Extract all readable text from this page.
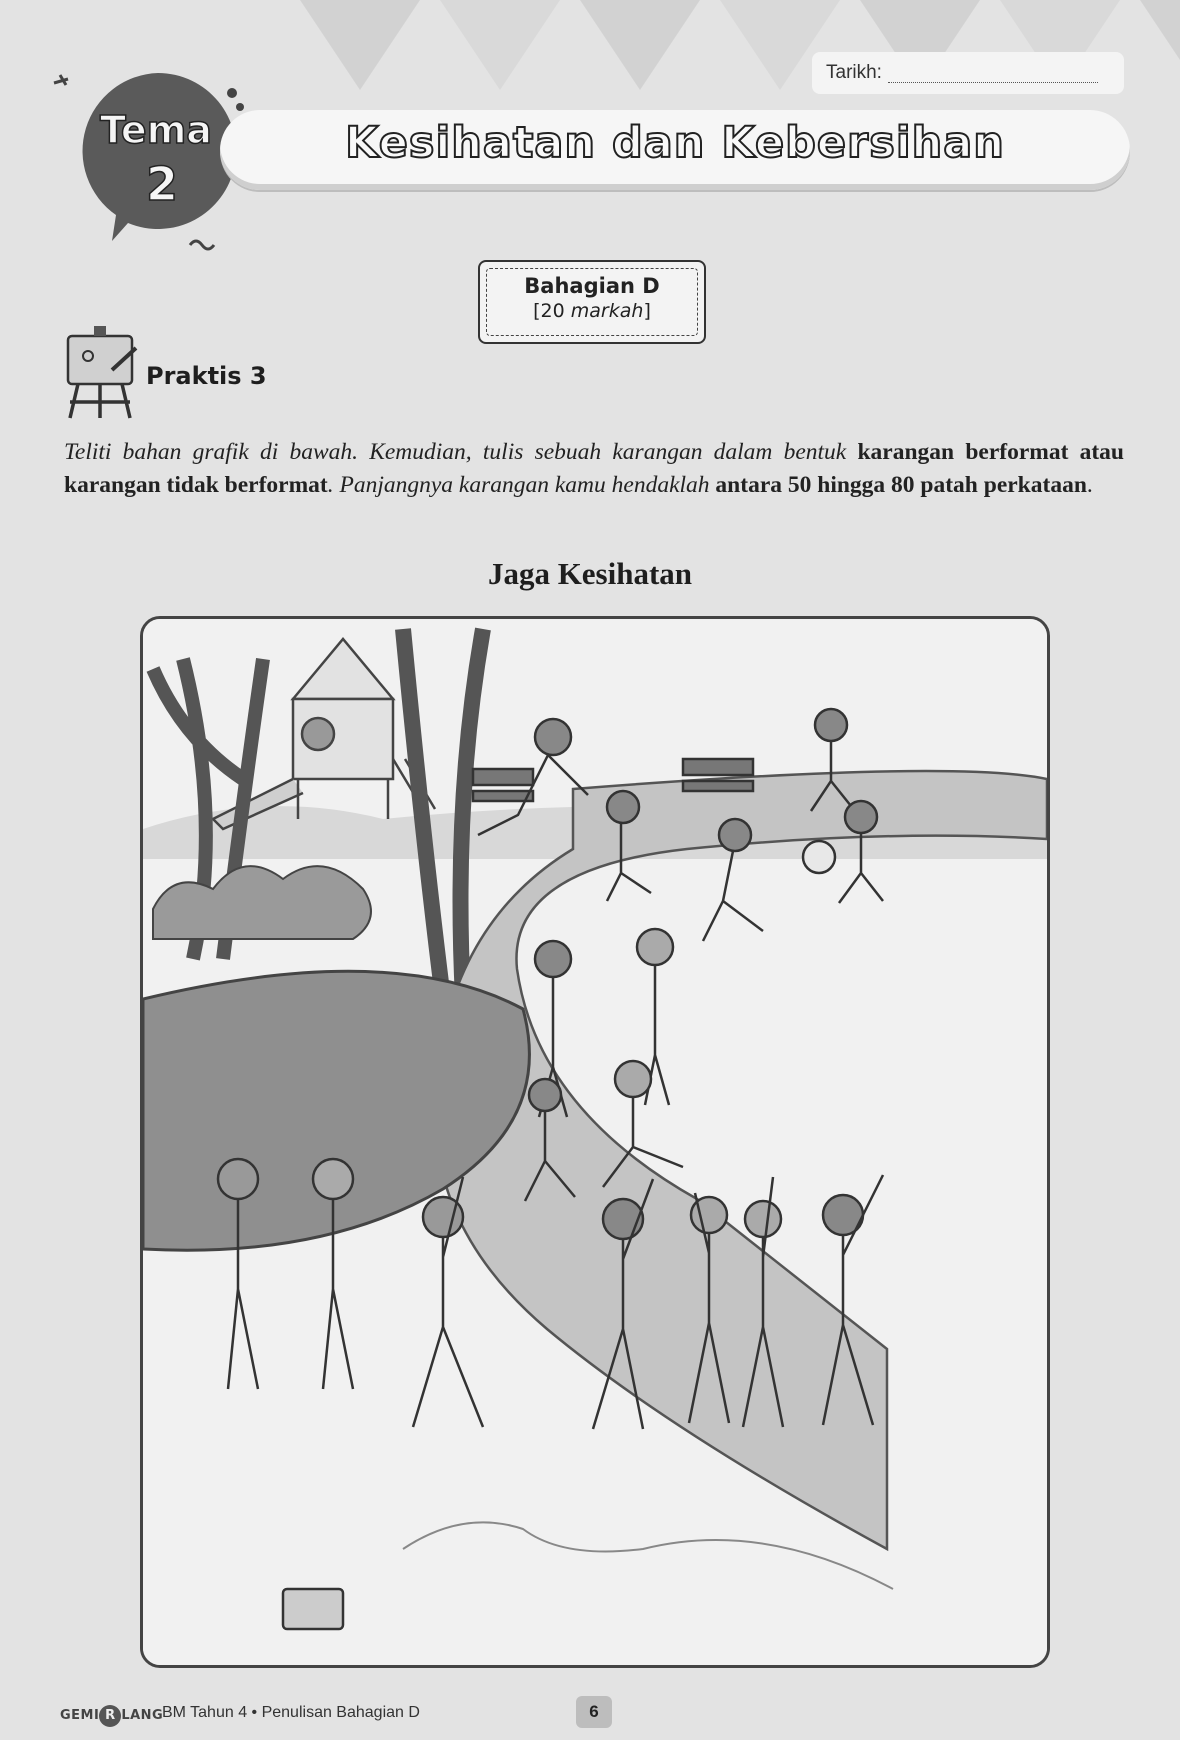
Tarikh:
Tema
2
Kesihatan dan Kebersihan
Bahagian D
[20 markah]
Praktis 3
Teliti bahan grafik di bawah. Kemudian, tulis sebuah karangan dalam bentuk karangan berformat atau karangan tidak berformat. Panjangnya karangan kamu hendaklah antara 50 hingga 80 patah perkataan.
Jaga Kesihatan
GEMI R LANG
BM Tahun 4 • Penulisan Bahagian D	6
